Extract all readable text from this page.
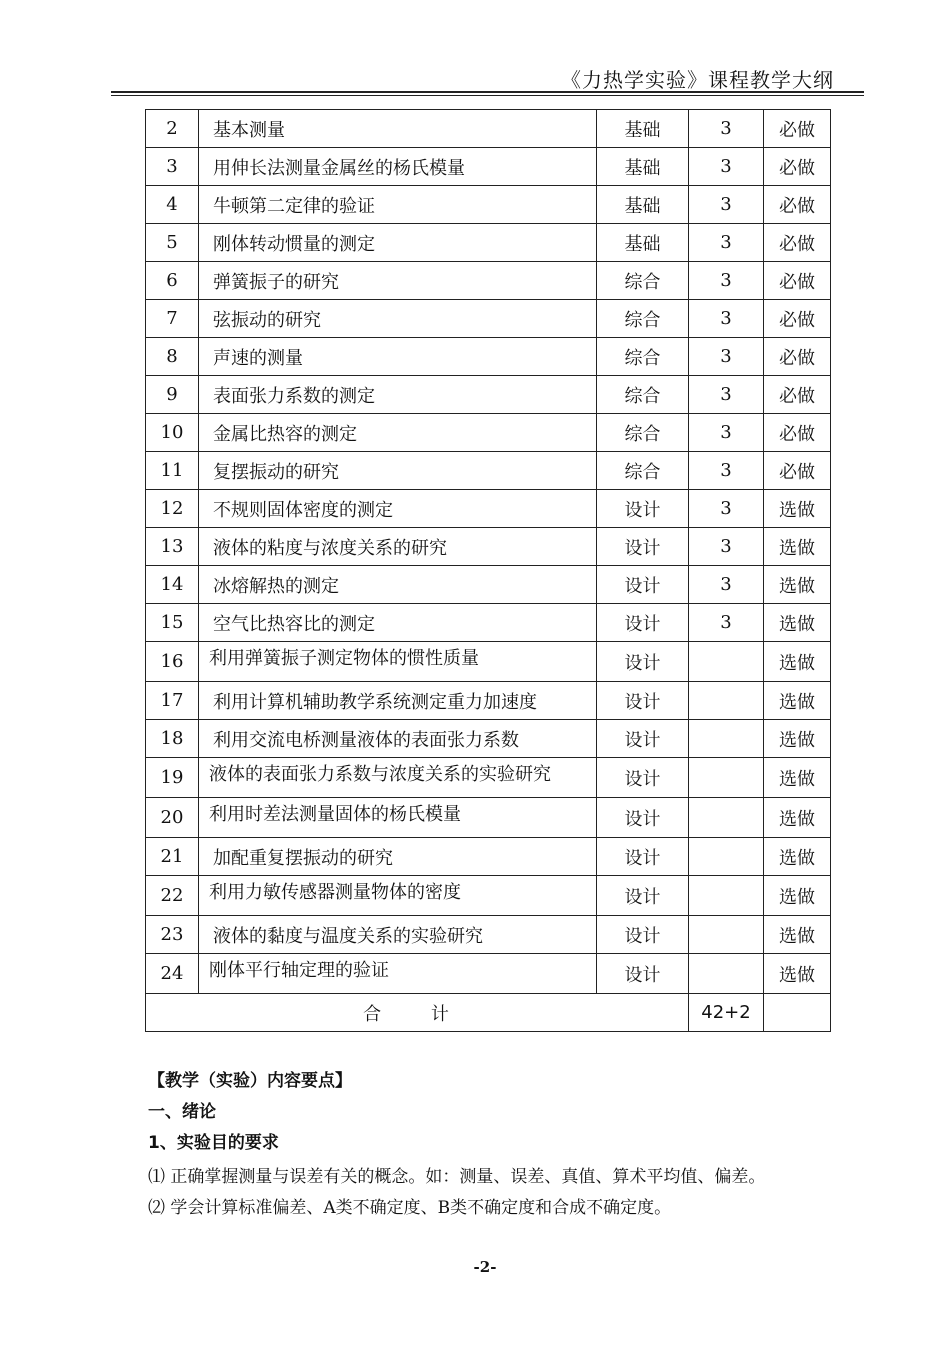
《力热学实验》课程教学大纲
2	基本测量	基础	3	必做
3	用伸长法测量金属丝的杨氏模量	基础	3	必做
4	牛顿第二定律的验证	基础	3	必做
5	刚体转动惯量的测定	基础	3	必做
6	弹簧振子的研究	综合	3	必做
7	弦振动的研究	综合	3	必做
8	声速的测量	综合	3	必做
9	表面张力系数的测定	综合	3	必做
10	金属比热容的测定	综合	3	必做
11	复摆振动的研究	综合	3	必做
12	不规则固体密度的测定	设计	3	选做
13	液体的粘度与浓度关系的研究	设计	3	选做
14	冰熔解热的测定	设计	3	选做
15	空气比热容比的测定	设计	3	选做
16	利用弹簧振子测定物体的惯性质量	设计		选做
17	利用计算机辅助教学系统测定重力加速度	设计		选做
18	利用交流电桥测量液体的表面张力系数	设计		选做
19	液体的表面张力系数与浓度关系的实验研究	设计		选做
20	利用时差法测量固体的杨氏模量	设计		选做
21	加配重复摆振动的研究	设计		选做
22	利用力敏传感器测量物体的密度	设计		选做
23	液体的黏度与温度关系的实验研究	设计		选做
24	刚体平行轴定理的验证	设计		选做
合 计			42+2	
【教学（实验）内容要点】
一、绪论
1、实验目的要求
⑴ 正确掌握测量与误差有关的概念。如：测量、误差、真值、算术平均值、偏差。
⑵ 学会计算标准偏差、A类不确定度、B类不确定度和合成不确定度。
-2-
